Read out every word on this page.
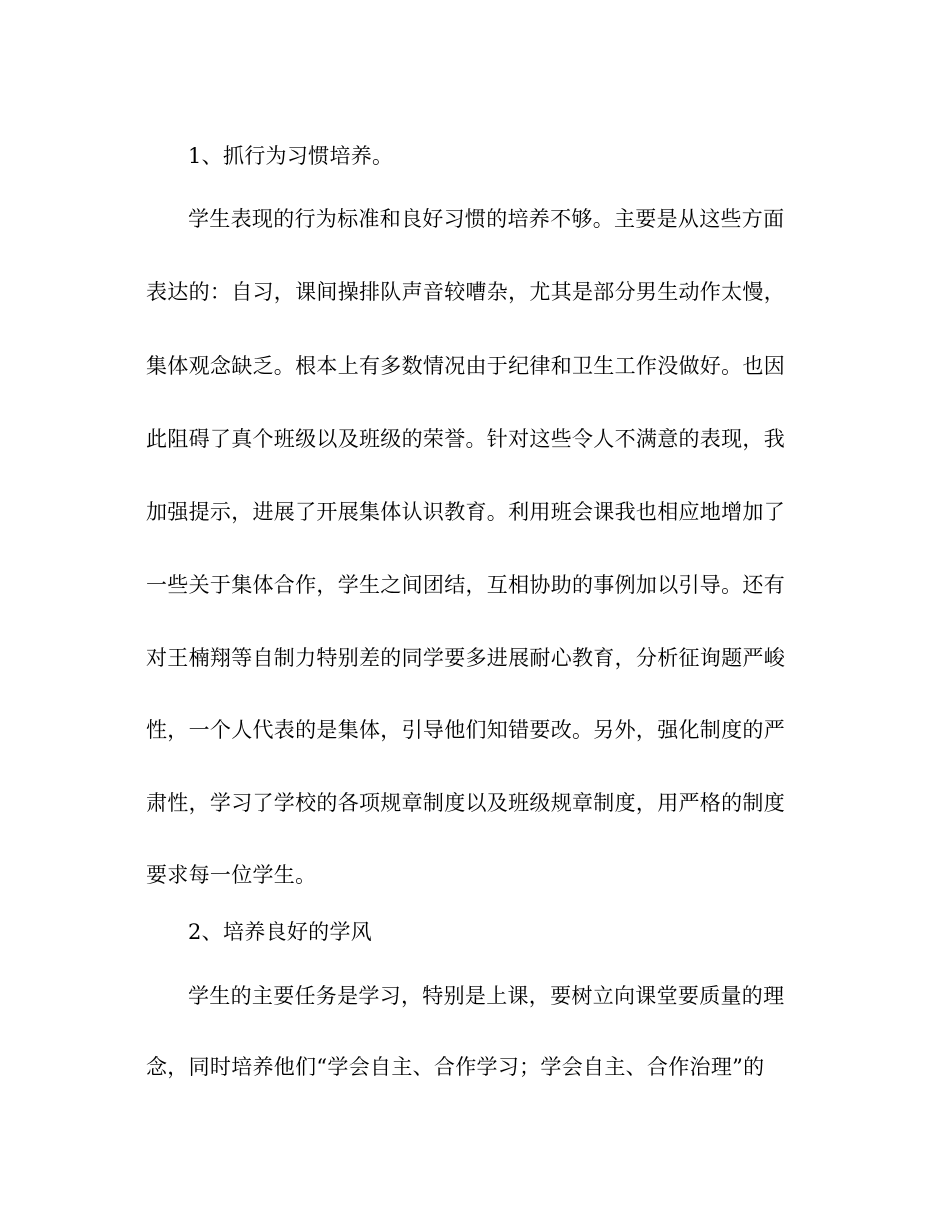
1、抓行为习惯培养。
学生表现的行为标准和良好习惯的培养不够。主要是从这些方面
表达的：自习，课间操排队声音较嘈杂，尤其是部分男生动作太慢，
集体观念缺乏。根本上有多数情况由于纪律和卫生工作没做好。也因
此阻碍了真个班级以及班级的荣誉。针对这些令人不满意的表现，我
加强提示，进展了开展集体认识教育。利用班会课我也相应地增加了
一些关于集体合作，学生之间团结，互相协助的事例加以引导。还有
对王楠翔等自制力特别差的同学要多进展耐心教育，分析征询题严峻
性，一个人代表的是集体，引导他们知错要改。另外，强化制度的严
肃性，学习了学校的各项规章制度以及班级规章制度，用严格的制度
要求每一位学生。
2、培养良好的学风
学生的主要任务是学习，特别是上课，要树立向课堂要质量的理
念，同时培养他们“学会自主、合作学习；学会自主、合作治理”的
